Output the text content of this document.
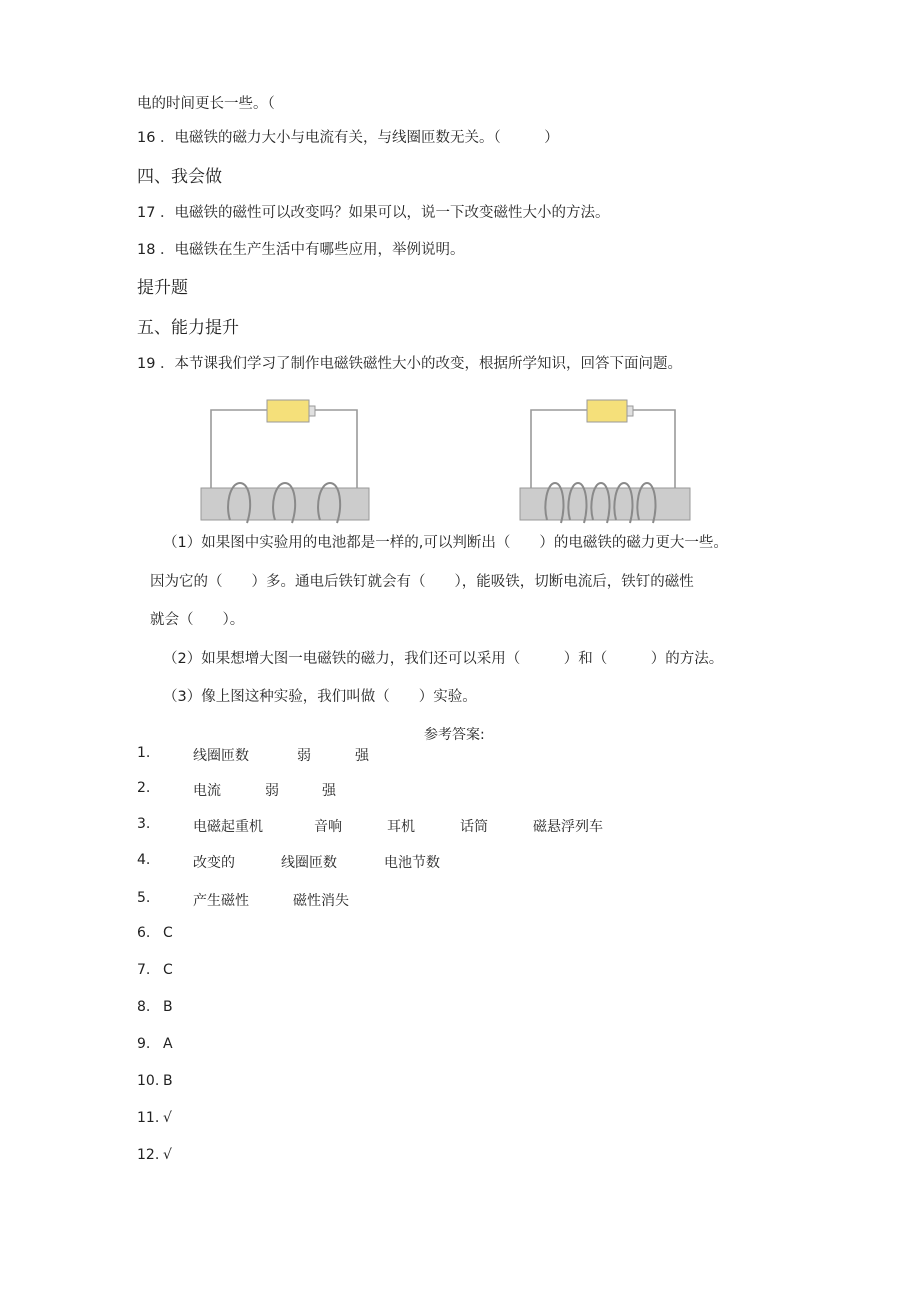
电的时间更长一些。（
16 ．电磁铁的磁力大小与电流有关，与线圈匝数无关。（　　　）
四、我会做
17 ．电磁铁的磁性可以改变吗？如果可以，说一下改变磁性大小的方法。
18 ．电磁铁在生产生活中有哪些应用，举例说明。
提升题
五、能力提升
19 ．本节课我们学习了制作电磁铁磁性大小的改变，根据所学知识，回答下面问题。
（1）如果图中实验用的电池都是一样的,可以判断出（　　）的电磁铁的磁力更大一些。
因为它的（　　）多。通电后铁钉就会有（　　），能吸铁，切断电流后，铁钉的磁性
就会（　　）。
（2）如果想增大图一电磁铁的磁力，我们还可以采用（　　　）和（　　　）的方法。
（3）像上图这种实验，我们叫做（　　）实验。
参考答案:
1.	线圈匝数	弱	强
2.	电流	弱	强
3.	电磁起重机	音响	耳机	话筒	磁悬浮列车
4.	改变的	线圈匝数	电池节数
5.	产生磁性	磁性消失
6. C
7. C
8. B
9. A
10. B
11. √
12. √
